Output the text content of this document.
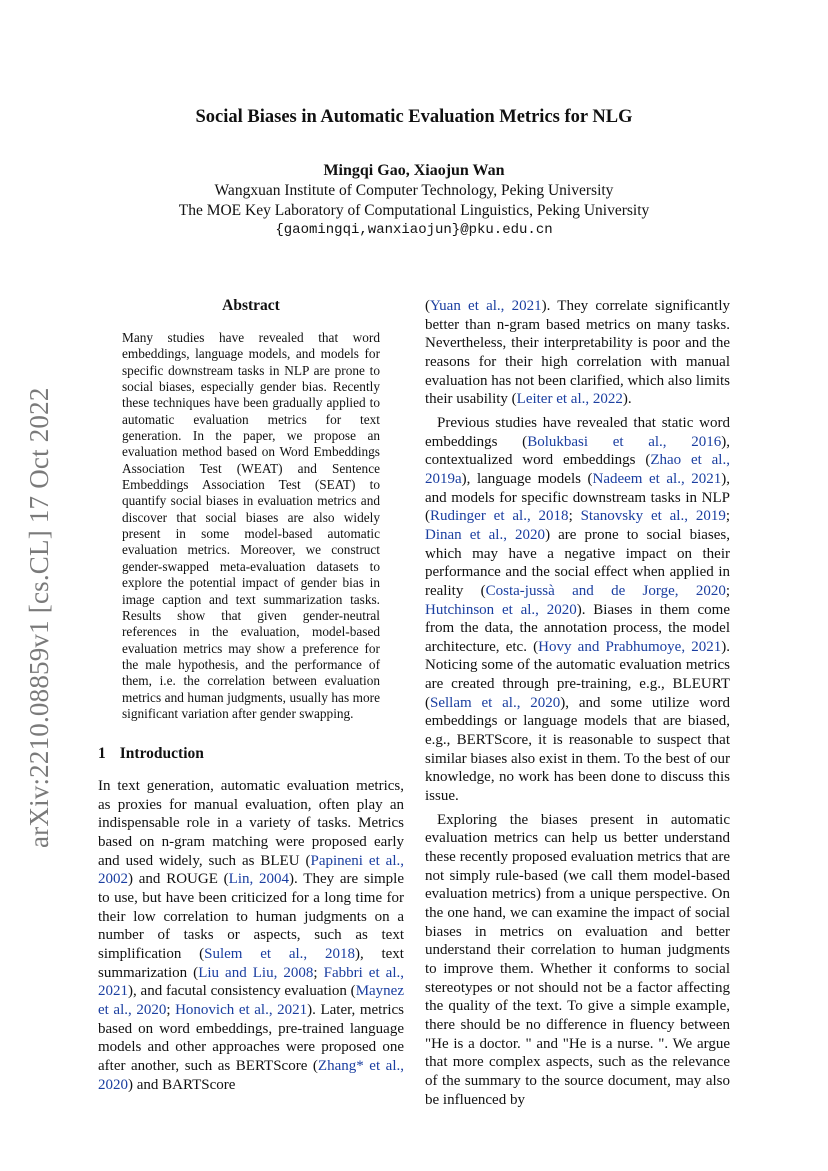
Social Biases in Automatic Evaluation Metrics for NLG
Mingqi Gao, Xiaojun Wan
Wangxuan Institute of Computer Technology, Peking University
The MOE Key Laboratory of Computational Linguistics, Peking University
{gaomingqi,wanxiaojun}@pku.edu.cn
arXiv:2210.08859v1 [cs.CL] 17 Oct 2022
Abstract
Many studies have revealed that word embeddings, language models, and models for specific downstream tasks in NLP are prone to social biases, especially gender bias. Recently these techniques have been gradually applied to automatic evaluation metrics for text generation. In the paper, we propose an evaluation method based on Word Embeddings Association Test (WEAT) and Sentence Embeddings Association Test (SEAT) to quantify social biases in evaluation metrics and discover that social biases are also widely present in some model-based automatic evaluation metrics. Moreover, we construct gender-swapped meta-evaluation datasets to explore the potential impact of gender bias in image caption and text summarization tasks. Results show that given gender-neutral references in the evaluation, model-based evaluation metrics may show a preference for the male hypothesis, and the performance of them, i.e. the correlation between evaluation metrics and human judgments, usually has more significant variation after gender swapping.
1 Introduction

In text generation, automatic evaluation metrics, as proxies for manual evaluation, often play an indispensable role in a variety of tasks. Metrics based on n-gram matching were proposed early and used widely, such as BLEU (Papineni et al., 2002) and ROUGE (Lin, 2004). They are simple to use, but have been criticized for a long time for their low correlation to human judgments on a number of tasks or aspects, such as text simplification (Sulem et al., 2018), text summarization (Liu and Liu, 2008; Fabbri et al., 2021), and facutal consistency evaluation (Maynez et al., 2020; Honovich et al., 2021). Later, metrics based on word embeddings, pre-trained language models and other approaches were proposed one after another, such as BERTScore (Zhang* et al., 2020) and BARTScore

(Yuan et al., 2021). They correlate significantly better than n-gram based metrics on many tasks. Nevertheless, their interpretability is poor and the reasons for their high correlation with manual evaluation has not been clarified, which also limits their usability (Leiter et al., 2022).

Previous studies have revealed that static word embeddings (Bolukbasi et al., 2016), contextualized word embeddings (Zhao et al., 2019a), language models (Nadeem et al., 2021), and models for specific downstream tasks in NLP (Rudinger et al., 2018; Stanovsky et al., 2019; Dinan et al., 2020) are prone to social biases, which may have a negative impact on their performance and the social effect when applied in reality (Costa-jussà and de Jorge, 2020; Hutchinson et al., 2020). Biases in them come from the data, the annotation process, the model architecture, etc. (Hovy and Prabhumoye, 2021). Noticing some of the automatic evaluation metrics are created through pre-training, e.g., BLEURT (Sellam et al., 2020), and some utilize word embeddings or language models that are biased, e.g., BERTScore, it is reasonable to suspect that similar biases also exist in them. To the best of our knowledge, no work has been done to discuss this issue.

Exploring the biases present in automatic evaluation metrics can help us better understand these recently proposed evaluation metrics that are not simply rule-based (we call them model-based evaluation metrics) from a unique perspective. On the one hand, we can examine the impact of social biases in metrics on evaluation and better understand their correlation to human judgments to improve them. Whether it conforms to social stereotypes or not should not be a factor affecting the quality of the text. To give a simple example, there should be no difference in fluency between "He is a doctor. " and "He is a nurse. ". We argue that more complex aspects, such as the relevance of the summary to the source document, may also be influenced by
